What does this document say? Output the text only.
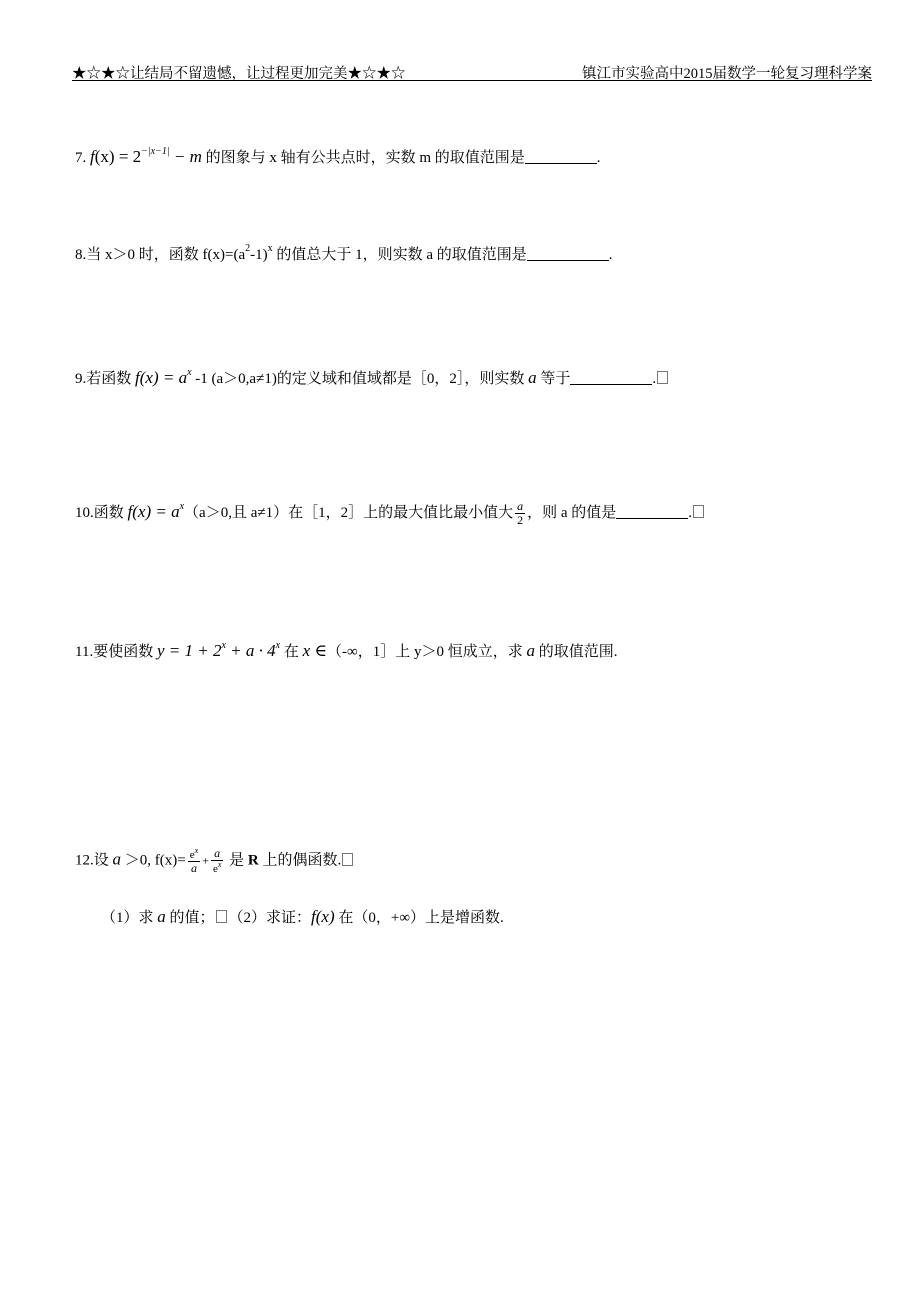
★☆★☆让结局不留遗憾，让过程更加完美★☆★☆	镇江市实验高中2015届数学一轮复习理科学案
7. $f(x) = 2^{-|x-1|} - m$ 的图象与 x 轴有公共点时，实数 m 的取值范围是	.
8.当 x＞0 时，函数 $f(x)=(a^2-1)^x$ 的值总大于 1，则实数 a 的取值范围是	.
9.若函数 $f(x) = a^x$ -1 (a＞0,a≠1)的定义域和值域都是［0，2］，则实数 a 等于	.
10.函数 $f(x) = a^x(a>0$,且 a≠1）在［1，2］上的最大值比最小值大 $\frac{a}{2}$ ，则 a 的值是	.
11.要使函数 $y = 1 + 2^x + a \cdot 4^x$ 在 x ∈（-∞，1］上 y＞0 恒成立，求 a 的取值范围.
12.设 a ＞0, $f(x)= \frac{e^x}{a} + \frac{a}{e^x}$ 是 R 上的偶函数.
（1）求 a 的值； （2）求证：f(x) 在（0，+∞）上是增函数.
